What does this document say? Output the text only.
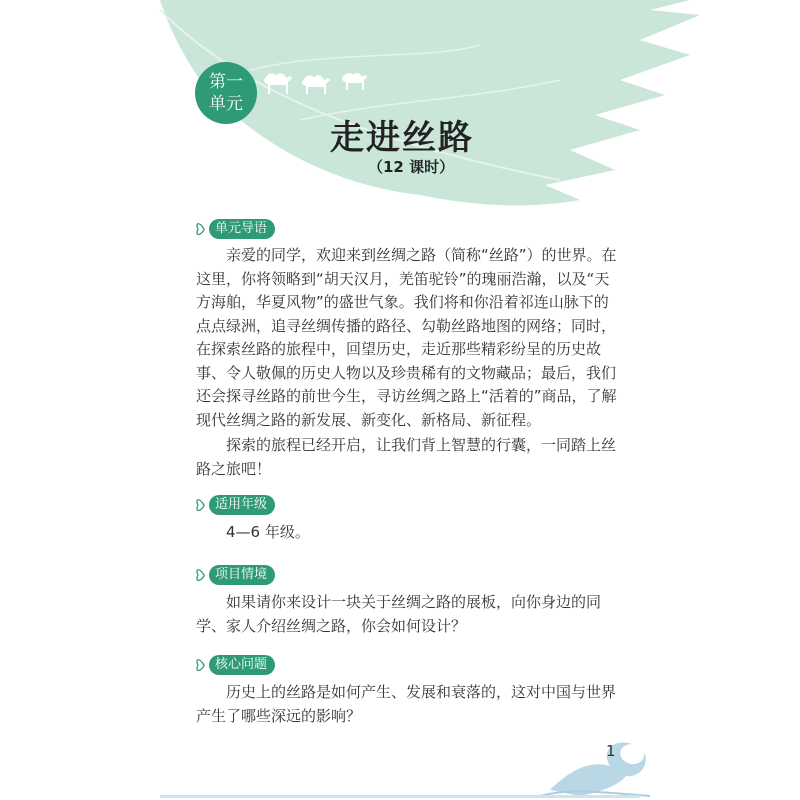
第一
单元
走进丝路
（12 课时）
单元导语

亲爱的同学，欢迎来到丝绸之路（简称“丝路”）的世界。在这里，你将领略到“胡天汉月，羌笛驼铃”的瑰丽浩瀚，以及“天方海舶，华夏风物”的盛世气象。我们将和你沿着祁连山脉下的点点绿洲，追寻丝绸传播的路径、勾勒丝路地图的网络；同时，在探索丝路的旅程中，回望历史，走近那些精彩纷呈的历史故事、令人敬佩的历史人物以及珍贵稀有的文物藏品；最后，我们还会探寻丝路的前世今生，寻访丝绸之路上“活着的”商品，了解现代丝绸之路的新发展、新变化、新格局、新征程。

探索的旅程已经开启，让我们背上智慧的行囊，一同踏上丝路之旅吧！

适用年级

4—6 年级。

项目情境

如果请你来设计一块关于丝绸之路的展板，向你身边的同学、家人介绍丝绸之路，你会如何设计？

核心问题

历史上的丝路是如何产生、发展和衰落的，这对中国与世界产生了哪些深远的影响？

1
